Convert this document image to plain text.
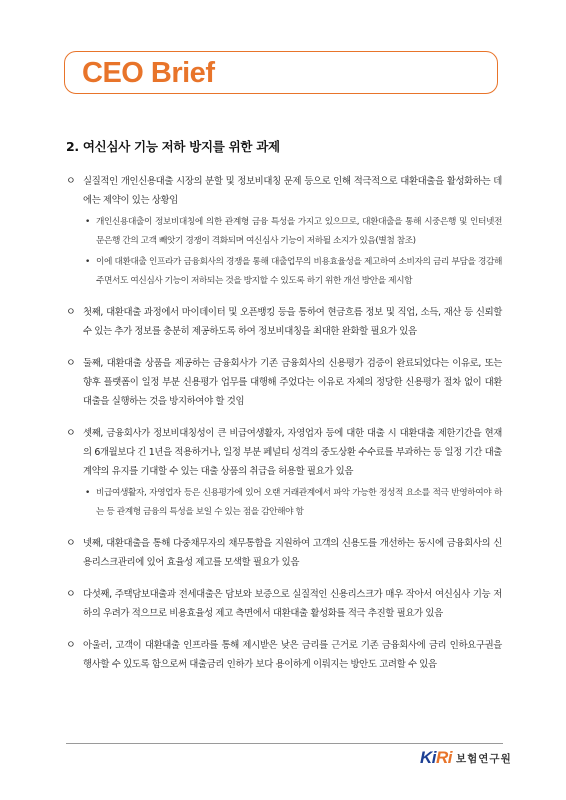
CEO Brief
2. 여신심사 기능 저하 방지를 위한 과제
ㅇ 실질적인 개인신용대출 시장의 분할 및 정보비대칭 문제 등으로 인해 적극적으로 대환대출을 활성화하는 데에는 제약이 있는 상황임
• 개인신용대출이 정보비대칭에 의한 관계형 금융 특성을 가지고 있으므로, 대환대출을 통해 시중은행 및 인터넷전문은행 간의 고객 빼앗기 경쟁이 격화되며 여신심사 기능이 저하될 소지가 있음(별첨 참조)
• 이에 대환대출 인프라가 금융회사의 경쟁을 통해 대출업무의 비용효율성을 제고하여 소비자의 금리 부담을 경감해 주면서도 여신심사 기능이 저하되는 것을 방지할 수 있도록 하기 위한 개선 방안을 제시함
ㅇ 첫째, 대환대출 과정에서 마이데이터 및 오픈뱅킹 등을 통하여 현금흐름 정보 및 직업, 소득, 재산 등 신뢰할 수 있는 추가 정보를 충분히 제공하도록 하여 정보비대칭을 최대한 완화할 필요가 있음
ㅇ 둘째, 대환대출 상품을 제공하는 금융회사가 기존 금융회사의 신용평가 검증이 완료되었다는 이유로, 또는 향후 플랫폼이 일정 부분 신용평가 업무를 대행해 주었다는 이유로 자체의 정당한 신용평가 절차 없이 대환대출을 실행하는 것을 방지하여야 할 것임
ㅇ 셋째, 금융회사가 정보비대칭성이 큰 비급여생활자, 자영업자 등에 대한 대출 시 대환대출 제한기간을 현재의 6개월보다 긴 1년을 적용하거나, 일정 부분 페널티 성격의 중도상환 수수료를 부과하는 등 일정 기간 대출계약의 유지를 기대할 수 있는 대출 상품의 취급을 허용할 필요가 있음
• 비급여생활자, 자영업자 등은 신용평가에 있어 오랜 거래관계에서 파악 가능한 정성적 요소를 적극 반영하여야 하는 등 관계형 금융의 특성을 보일 수 있는 점을 감안해야 함
ㅇ 넷째, 대환대출을 통해 다중채무자의 채무통합을 지원하여 고객의 신용도를 개선하는 동시에 금융회사의 신용리스크관리에 있어 효율성 제고를 모색할 필요가 있음
ㅇ 다섯째, 주택담보대출과 전세대출은 담보와 보증으로 실질적인 신용리스크가 매우 작아서 여신심사 기능 저하의 우려가 적으므로 비용효율성 제고 측면에서 대환대출 활성화를 적극 추진할 필요가 있음
ㅇ 아울러, 고객이 대환대출 인프라를 통해 제시받은 낮은 금리를 근거로 기존 금융회사에 금리 인하요구권을 행사할 수 있도록 함으로써 대출금리 인하가 보다 용이하게 이뤄지는 방안도 고려할 수 있음
KiRi 보험연구원
